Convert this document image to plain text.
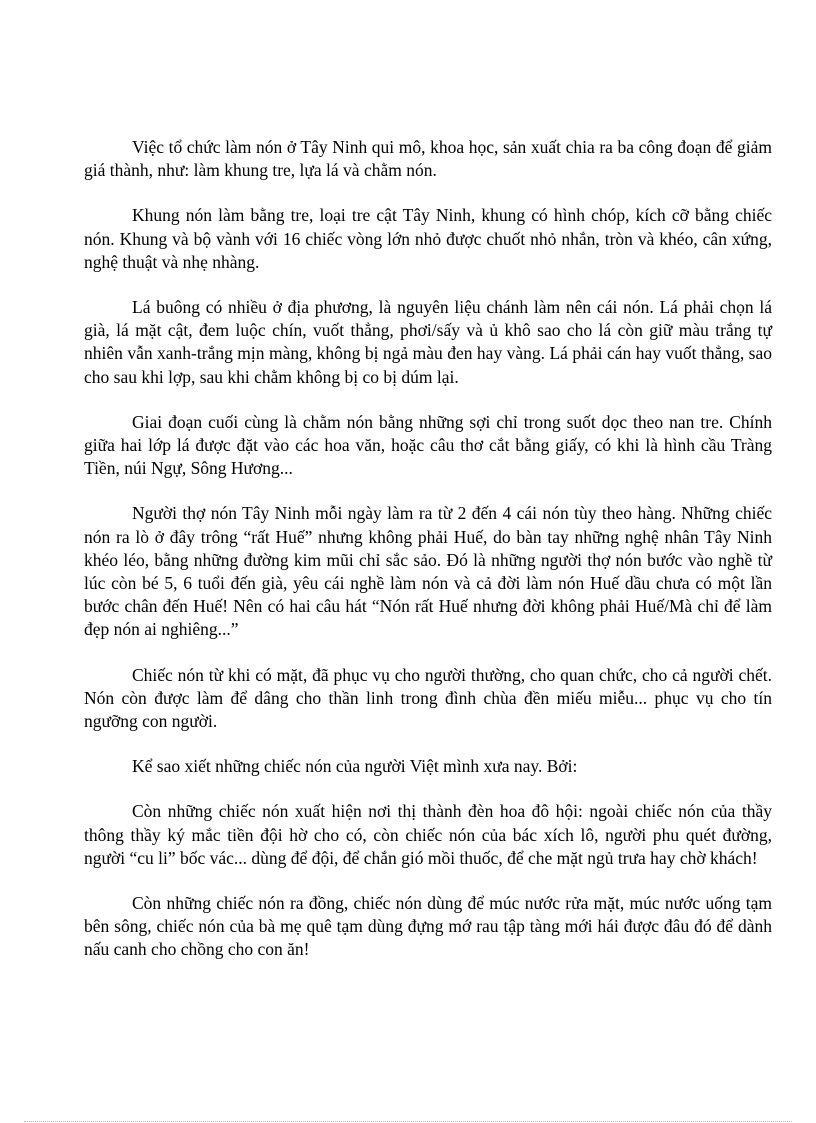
Việc tổ chức làm nón ở Tây Ninh qui mô, khoa học, sản xuất chia ra ba công đoạn để giảm giá thành, như: làm khung tre, lựa lá và chằm nón.

Khung nón làm bằng tre, loại tre cật Tây Ninh, khung có hình chóp, kích cỡ bằng chiếc nón. Khung và bộ vành với 16 chiếc vòng lớn nhỏ được chuốt nhỏ nhắn, tròn và khéo, cân xứng, nghệ thuật và nhẹ nhàng.

Lá buông có nhiều ở địa phương, là nguyên liệu chánh làm nên cái nón. Lá phải chọn lá già, lá mặt cật, đem luộc chín, vuốt thẳng, phơi/sấy và ủ khô sao cho lá còn giữ màu trắng tự nhiên vẫn xanh-trắng mịn màng, không bị ngả màu đen hay vàng. Lá phải cán hay vuốt thẳng, sao cho sau khi lợp, sau khi chằm không bị co bị dúm lại.

Giai đoạn cuối cùng là chằm nón bằng những sợi chỉ trong suốt dọc theo nan tre. Chính giữa hai lớp lá được đặt vào các hoa văn, hoặc câu thơ cắt bằng giấy, có khi là hình cầu Tràng Tiền, núi Ngự, Sông Hương...

Người thợ nón Tây Ninh mỗi ngày làm ra từ 2 đến 4 cái nón tùy theo hàng. Những chiếc nón ra lò ở đây trông “rất Huế” nhưng không phải Huế, do bàn tay những nghệ nhân Tây Ninh khéo léo, bằng những đường kim mũi chỉ sắc sảo. Đó là những người thợ nón bước vào nghề từ lúc còn bé 5, 6 tuổi đến già, yêu cái nghề làm nón và cả đời làm nón Huế dầu chưa có một lần bước chân đến Huế! Nên có hai câu hát “Nón rất Huế nhưng đời không phải Huế/Mà chỉ để làm đẹp nón ai nghiêng...”

Chiếc nón từ khi có mặt, đã phục vụ cho người thường, cho quan chức, cho cả người chết. Nón còn được làm để dâng cho thần linh trong đình chùa đền miếu miễu... phục vụ cho tín ngưỡng con người.

Kể sao xiết những chiếc nón của người Việt mình xưa nay. Bởi:

Còn những chiếc nón xuất hiện nơi thị thành đèn hoa đô hội: ngoài chiếc nón của thầy thông thầy ký mắc tiền đội hờ cho có, còn chiếc nón của bác xích lô, người phu quét đường, người “cu li” bốc vác... dùng để đội, để chắn gió mồi thuốc, để che mặt ngủ trưa hay chờ khách!

Còn những chiếc nón ra đồng, chiếc nón dùng để múc nước rửa mặt, múc nước uống tạm bên sông, chiếc nón của bà mẹ quê tạm dùng đựng mớ rau tập tàng mới hái được đâu đó để dành nấu canh cho chồng cho con ăn!
